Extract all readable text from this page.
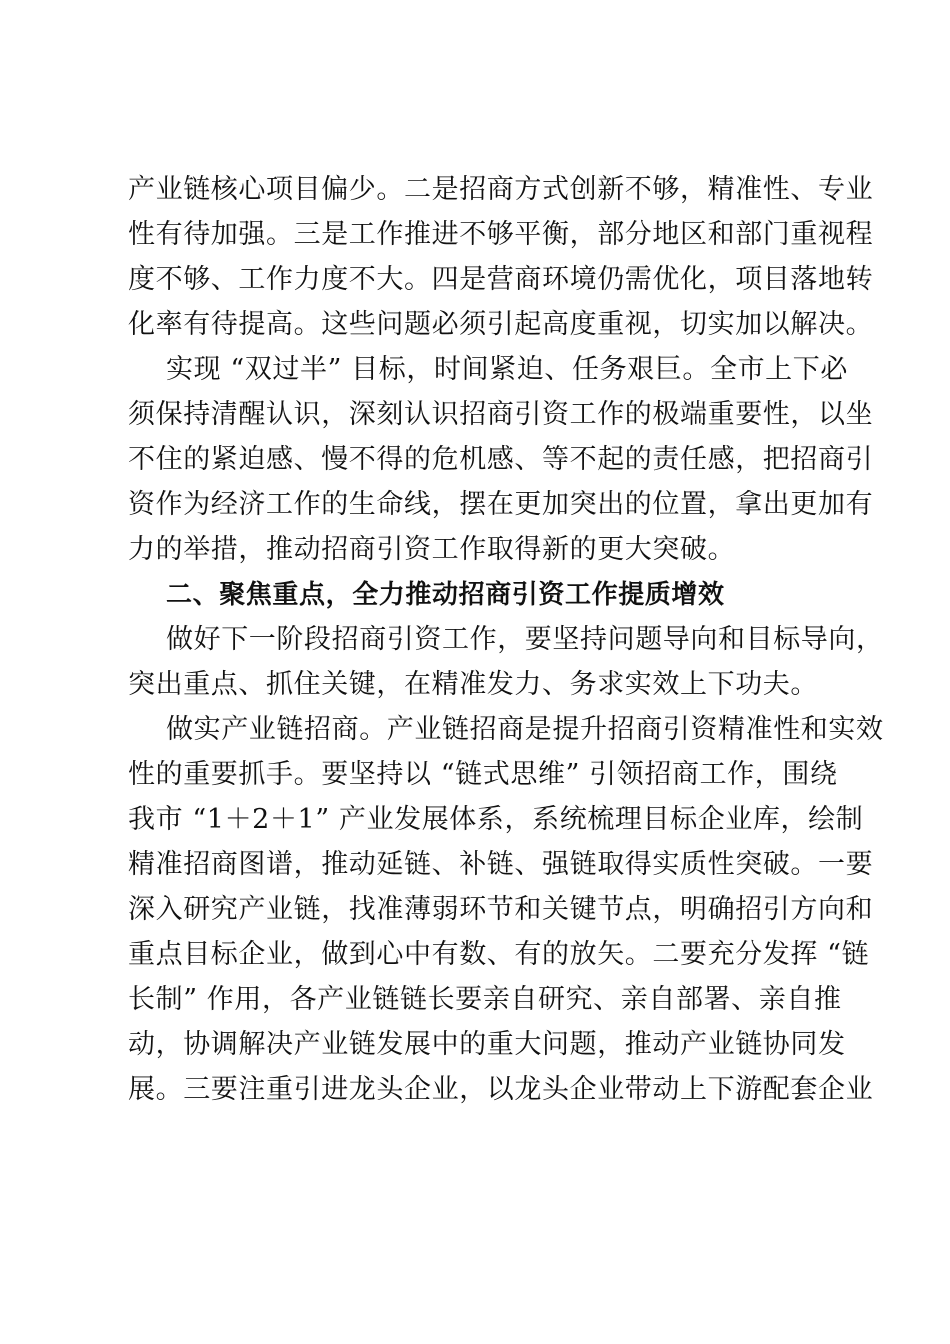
产业链核心项目偏少。二是招商方式创新不够，精准性、专业
性有待加强。三是工作推进不够平衡，部分地区和部门重视程
度不够、工作力度不大。四是营商环境仍需优化，项目落地转
化率有待提高。这些问题必须引起高度重视，切实加以解决。
实现 “双过半” 目标，时间紧迫、任务艰巨。全市上下必
须保持清醒认识，深刻认识招商引资工作的极端重要性，以坐
不住的紧迫感、慢不得的危机感、等不起的责任感，把招商引
资作为经济工作的生命线，摆在更加突出的位置，拿出更加有
力的举措，推动招商引资工作取得新的更大突破。
二、聚焦重点，全力推动招商引资工作提质增效
做好下一阶段招商引资工作，要坚持问题导向和目标导向，
突出重点、抓住关键，在精准发力、务求实效上下功夫。
做实产业链招商。产业链招商是提升招商引资精准性和实效
性的重要抓手。要坚持以 “链式思维” 引领招商工作，围绕
我市 “1＋2＋1” 产业发展体系，系统梳理目标企业库，绘制
精准招商图谱，推动延链、补链、强链取得实质性突破。一要
深入研究产业链，找准薄弱环节和关键节点，明确招引方向和
重点目标企业，做到心中有数、有的放矢。二要充分发挥 “链
长制” 作用，各产业链链长要亲自研究、亲自部署、亲自推
动，协调解决产业链发展中的重大问题，推动产业链协同发
展。三要注重引进龙头企业，以龙头企业带动上下游配套企业
